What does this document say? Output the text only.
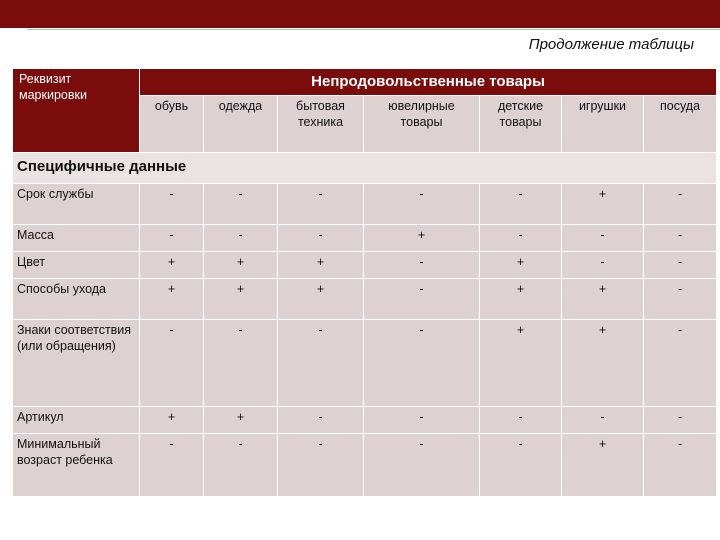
Продолжение таблицы
Реквизит маркировки	Непродовольственные товары						
	обувь	одежда	бытовая техника	ювелирные товары	детские товары	игрушки	посуда
Специфичные данные							
Срок службы	-	-	-	-	-	+	-
Масса	-	-	-	+	-	-	-
Цвет	+	+	+	-	+	-	-
Способы ухода	+	+	+	-	+	+	-
Знаки соответствия (или обращения)	-	-	-	-	+	+	-
Артикул	+	+	-	-	-	-	-
Минимальный возраст ребенка	-	-	-	-	-	+	-
